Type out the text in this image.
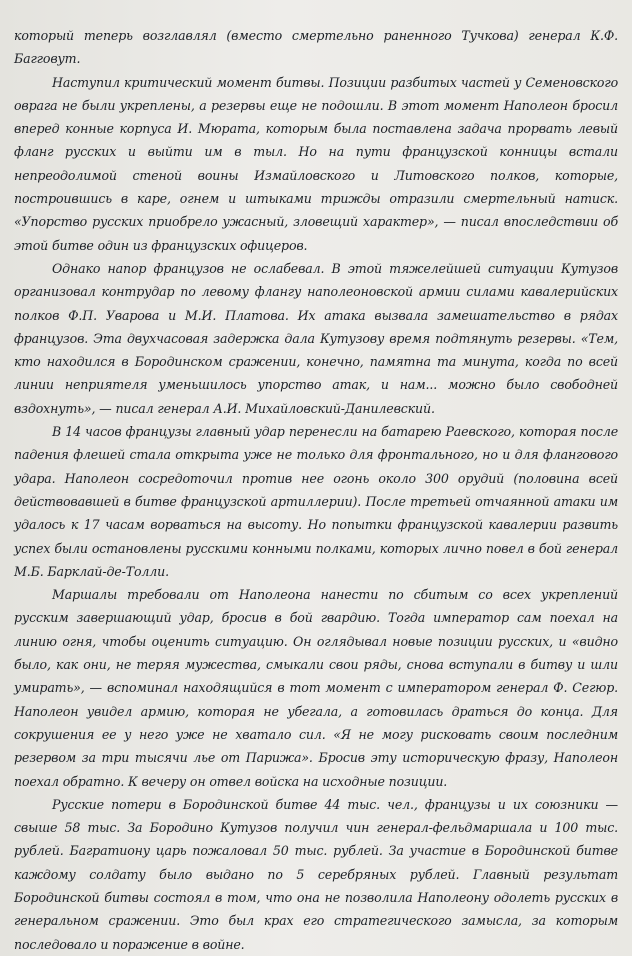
который теперь возглавлял (вместо смертельно раненного Тучкова) генерал К.Ф. Багговут.

Наступил критический момент битвы. Позиции разбитых частей у Семеновского оврага не были укреплены, а резервы еще не подошли. В этот момент Наполеон бросил вперед конные корпуса И. Мюрата, которым была поставлена задача прорвать левый фланг русских и выйти им в тыл. Но на пути французской конницы встали непреодолимой стеной воины Измайловского и Литовского полков, которые, построившись в каре, огнем и штыками трижды отразили смертельный натиск. «Упорство русских приобрело ужасный, зловещий характер», — писал впоследствии об этой битве один из французских офицеров.

Однако напор французов не ослабевал. В этой тяжелейшей ситуации Кутузов организовал контрудар по левому флангу наполеоновской армии силами кавалерийских полков Ф.П. Уварова и М.И. Платова. Их атака вызвала замешательство в рядах французов. Эта двухчасовая задержка дала Кутузову время подтянуть резервы. «Тем, кто находился в Бородинском сражении, конечно, памятна та минута, когда по всей линии неприятеля уменьшилось упорство атак, и нам... можно было свободней вздохнуть», — писал генерал А.И. Михайловский-Данилевский.

В 14 часов французы главный удар перенесли на батарею Раевского, которая после падения флешей стала открыта уже не только для фронтального, но и для флангового удара. Наполеон сосредоточил против нее огонь около 300 орудий (половина всей действовавшей в битве французской артиллерии). После третьей отчаянной атаки им удалось к 17 часам ворваться на высоту. Но попытки французской кавалерии развить успех были остановлены русскими конными полками, которых лично повел в бой генерал М.Б. Барклай-де-Толли.

Маршалы требовали от Наполеона нанести по сбитым со всех укреплений русским завершающий удар, бросив в бой гвардию. Тогда император сам поехал на линию огня, чтобы оценить ситуацию. Он оглядывал новые позиции русских, и «видно было, как они, не теряя мужества, смыкали свои ряды, снова вступали в битву и шли умирать», — вспоминал находящийся в тот момент с императором генерал Ф. Сегюр. Наполеон увидел армию, которая не убегала, а готовилась драться до конца. Для сокрушения ее у него уже не хватало сил. «Я не могу рисковать своим последним резервом за три тысячи лье от Парижа». Бросив эту историческую фразу, Наполеон поехал обратно. К вечеру он отвел войска на исходные позиции.

Русские потери в Бородинской битве 44 тыс. чел., французы и их союзники — свыше 58 тыс. За Бородино Кутузов получил чин генерал-фельдмаршала и 100 тыс. рублей. Багратиону царь пожаловал 50 тыс. рублей. За участие в Бородинской битве каждому солдату было выдано по 5 серебряных рублей. Главный результат Бородинской битвы состоял в том, что она не позволила Наполеону одолеть русских в генеральном сражении. Это был крах его стратегического замысла, за которым последовало и поражение в войне.
